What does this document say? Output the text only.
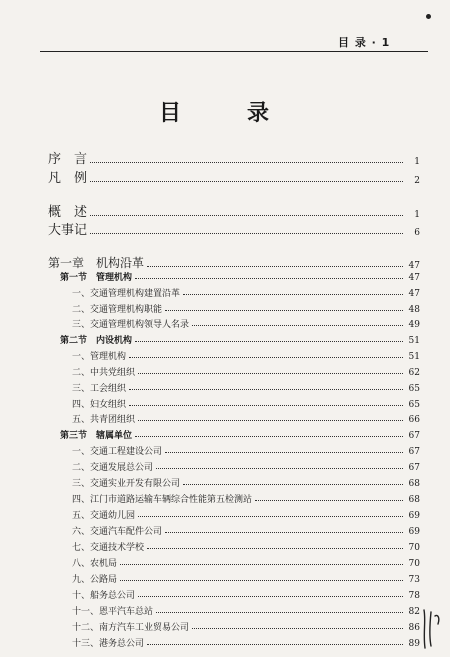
目 录 · 1
目　录
序　言	1
凡　例	2
概　述	1
大事记	6
第一章　机构沿革	47
第一节　管理机构	47
一、交通管理机构建置沿革	47
二、交通管理机构职能	48
三、交通管理机构领导人名录	49
第二节　内设机构	51
一、管理机构	51
二、中共党组织	62
三、工会组织	65
四、妇女组织	65
五、共青团组织	66
第三节　辖属单位	67
一、交通工程建设公司	67
二、交通发展总公司	67
三、交通实业开发有限公司	68
四、江门市道路运输车辆综合性能第五检测站	68
五、交通幼儿园	69
六、交通汽车配件公司	69
七、交通技术学校	70
八、农机局	70
九、公路局	73
十、船务总公司	78
十一、恩平汽车总站	82
十二、南方汽车工业贸易公司	86
十三、港务总公司	89
